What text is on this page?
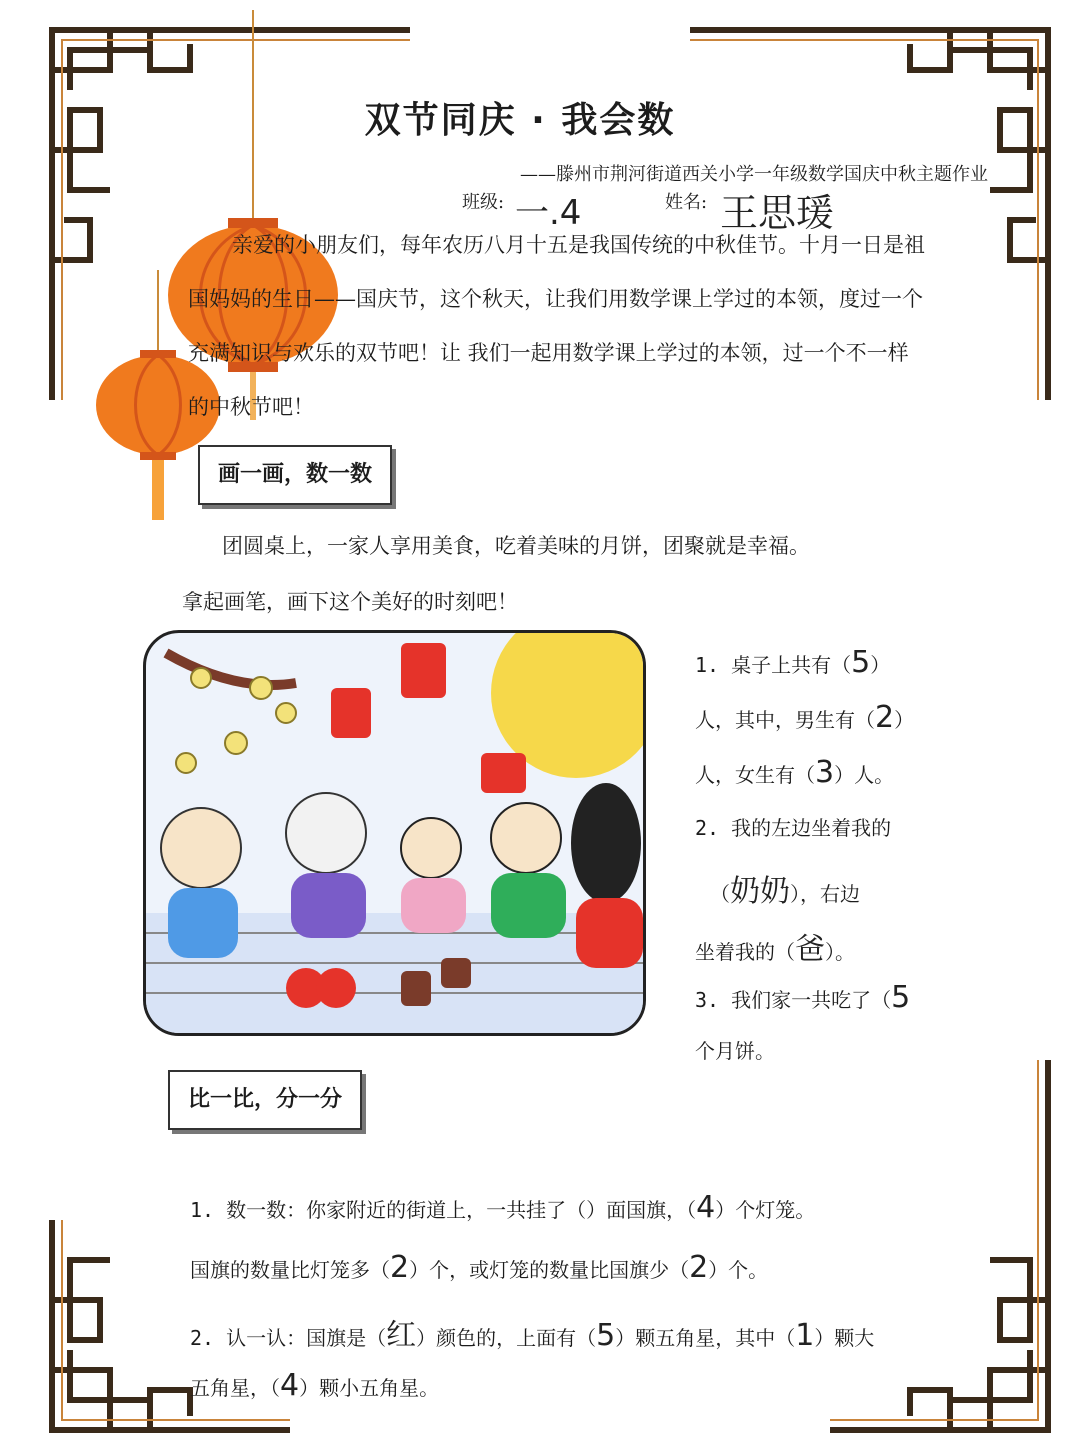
双节同庆 · 我会数
——滕州市荆河街道西关小学一年级数学国庆中秋主题作业
班级: 一.4	姓名: 王思瑗
亲爱的小朋友们，每年农历八月十五是我国传统的中秋佳节。十月一日是祖国妈妈的生日——国庆节，这个秋天，让我们用数学课上学过的本领，度过一个充满知识与欢乐的双节吧！让 我们一起用数学课上学过的本领，过一个不一样的中秋节吧！
画一画，数一数
团圆桌上，一家人享用美食，吃着美味的月饼，团聚就是幸福。
拿起画笔，画下这个美好的时刻吧！
1. 桌子上共有（5）
人，其中，男生有（2）
人，女生有（3）人。
2. 我的左边坐着我的
（奶奶），右边
坐着我的（爸）。
3. 我们家一共吃了（5
个月饼。
比一比，分一分
1. 数一数：你家附近的街道上，一共挂了（）面国旗，（4）个灯笼。
国旗的数量比灯笼多（2）个，或灯笼的数量比国旗少（2）个。
2. 认一认：国旗是（红）颜色的，上面有（5）颗五角星，其中（1）颗大
五角星，（4）颗小五角星。
